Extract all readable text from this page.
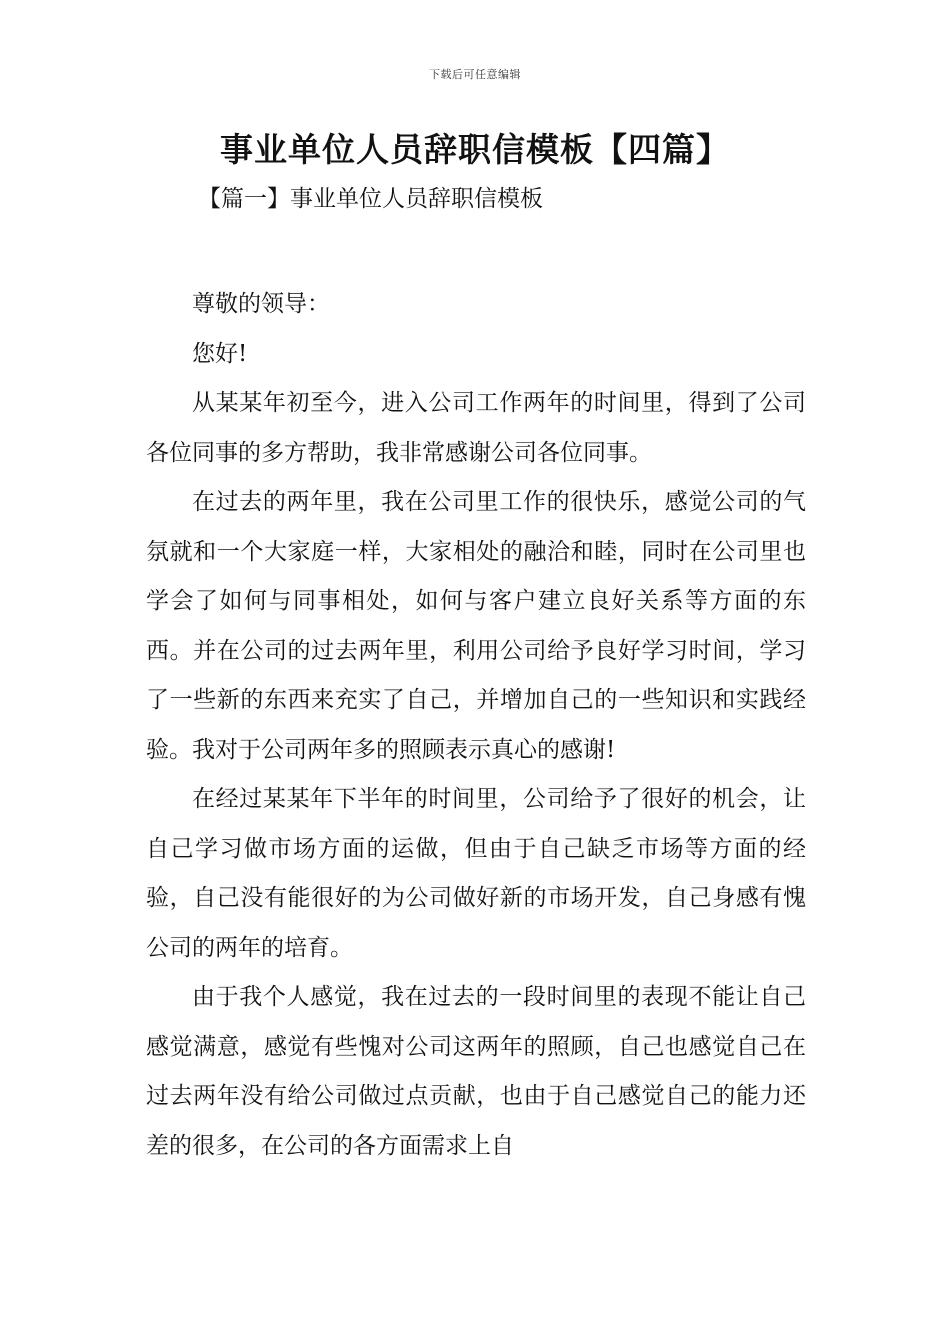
下载后可任意编辑
事业单位人员辞职信模板【四篇】
【篇一】事业单位人员辞职信模板

尊敬的领导：

您好!

从某某年初至今，进入公司工作两年的时间里，得到了公司各位同事的多方帮助，我非常感谢公司各位同事。

在过去的两年里，我在公司里工作的很快乐，感觉公司的气氛就和一个大家庭一样，大家相处的融洽和睦，同时在公司里也学会了如何与同事相处，如何与客户建立良好关系等方面的东西。并在公司的过去两年里，利用公司给予良好学习时间，学习了一些新的东西来充实了自己，并增加自己的一些知识和实践经验。我对于公司两年多的照顾表示真心的感谢!

在经过某某年下半年的时间里，公司给予了很好的机会，让自己学习做市场方面的运做，但由于自己缺乏市场等方面的经验，自己没有能很好的为公司做好新的市场开发，自己身感有愧公司的两年的培育。

由于我个人感觉，我在过去的一段时间里的表现不能让自己感觉满意，感觉有些愧对公司这两年的照顾，自己也感觉自己在过去两年没有给公司做过点贡献，也由于自己感觉自己的能力还差的很多，在公司的各方面需求上自
